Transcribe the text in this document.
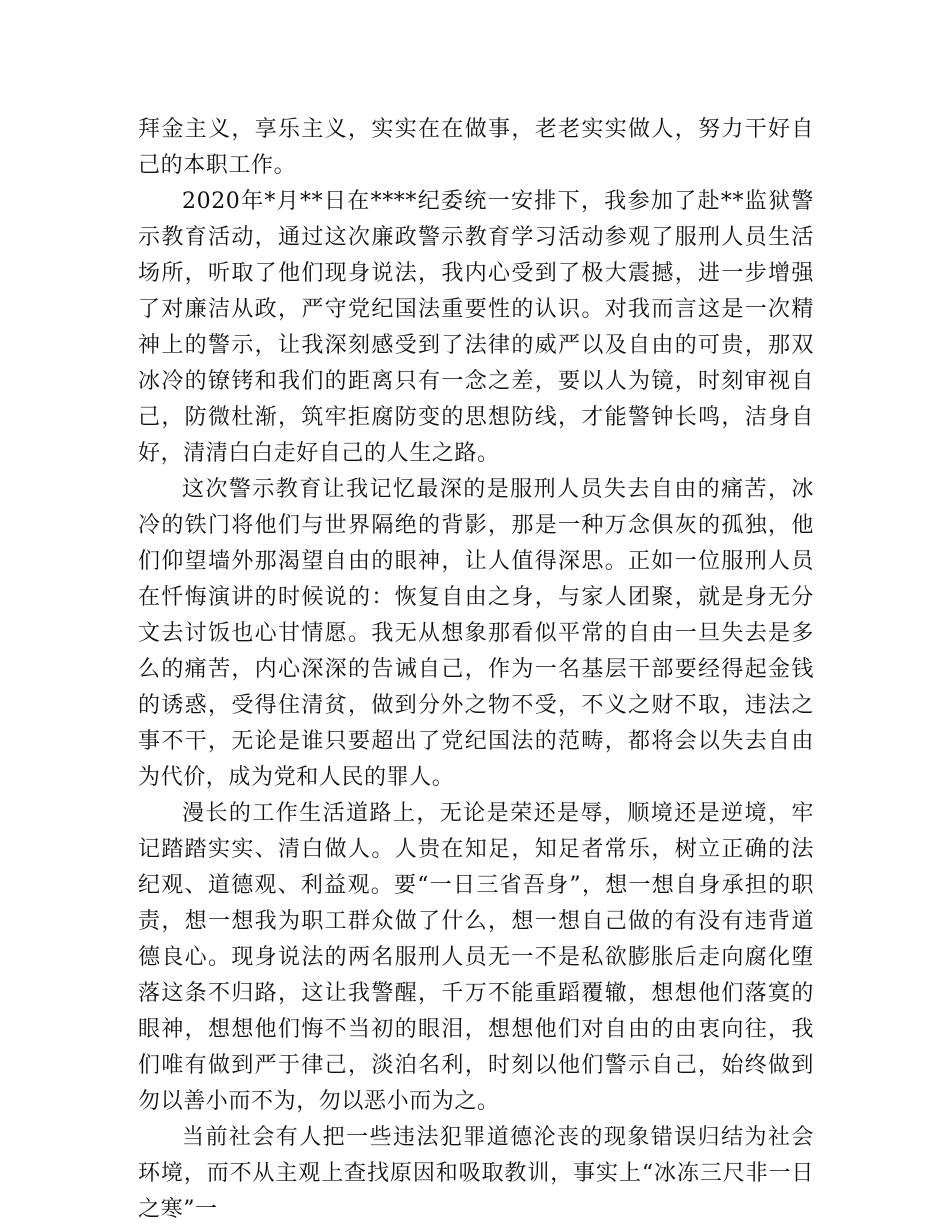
拜金主义，享乐主义，实实在在做事，老老实实做人，努力干好自己的本职工作。

2020年*月**日在****纪委统一安排下，我参加了赴**监狱警示教育活动，通过这次廉政警示教育学习活动参观了服刑人员生活场所，听取了他们现身说法，我内心受到了极大震撼，进一步增强了对廉洁从政，严守党纪国法重要性的认识。对我而言这是一次精神上的警示，让我深刻感受到了法律的威严以及自由的可贵，那双冰冷的镣铐和我们的距离只有一念之差，要以人为镜，时刻审视自己，防微杜渐，筑牢拒腐防变的思想防线，才能警钟长鸣，洁身自好，清清白白走好自己的人生之路。

这次警示教育让我记忆最深的是服刑人员失去自由的痛苦，冰冷的铁门将他们与世界隔绝的背影，那是一种万念俱灰的孤独，他们仰望墙外那渴望自由的眼神，让人值得深思。正如一位服刑人员在忏悔演讲的时候说的：恢复自由之身，与家人团聚，就是身无分文去讨饭也心甘情愿。我无从想象那看似平常的自由一旦失去是多么的痛苦，内心深深的告诫自己，作为一名基层干部要经得起金钱的诱惑，受得住清贫，做到分外之物不受，不义之财不取，违法之事不干，无论是谁只要超出了党纪国法的范畴，都将会以失去自由为代价，成为党和人民的罪人。

漫长的工作生活道路上，无论是荣还是辱，顺境还是逆境，牢记踏踏实实、清白做人。人贵在知足，知足者常乐，树立正确的法纪观、道德观、利益观。要“一日三省吾身”，想一想自身承担的职责，想一想我为职工群众做了什么，想一想自己做的有没有违背道德良心。现身说法的两名服刑人员无一不是私欲膨胀后走向腐化堕落这条不归路，这让我警醒，千万不能重蹈覆辙，想想他们落寞的眼神，想想他们悔不当初的眼泪，想想他们对自由的由衷向往，我们唯有做到严于律己，淡泊名利，时刻以他们警示自己，始终做到勿以善小而不为，勿以恶小而为之。

当前社会有人把一些违法犯罪道德沦丧的现象错误归结为社会环境，而不从主观上查找原因和吸取教训，事实上“冰冻三尺非一日之寒”一
